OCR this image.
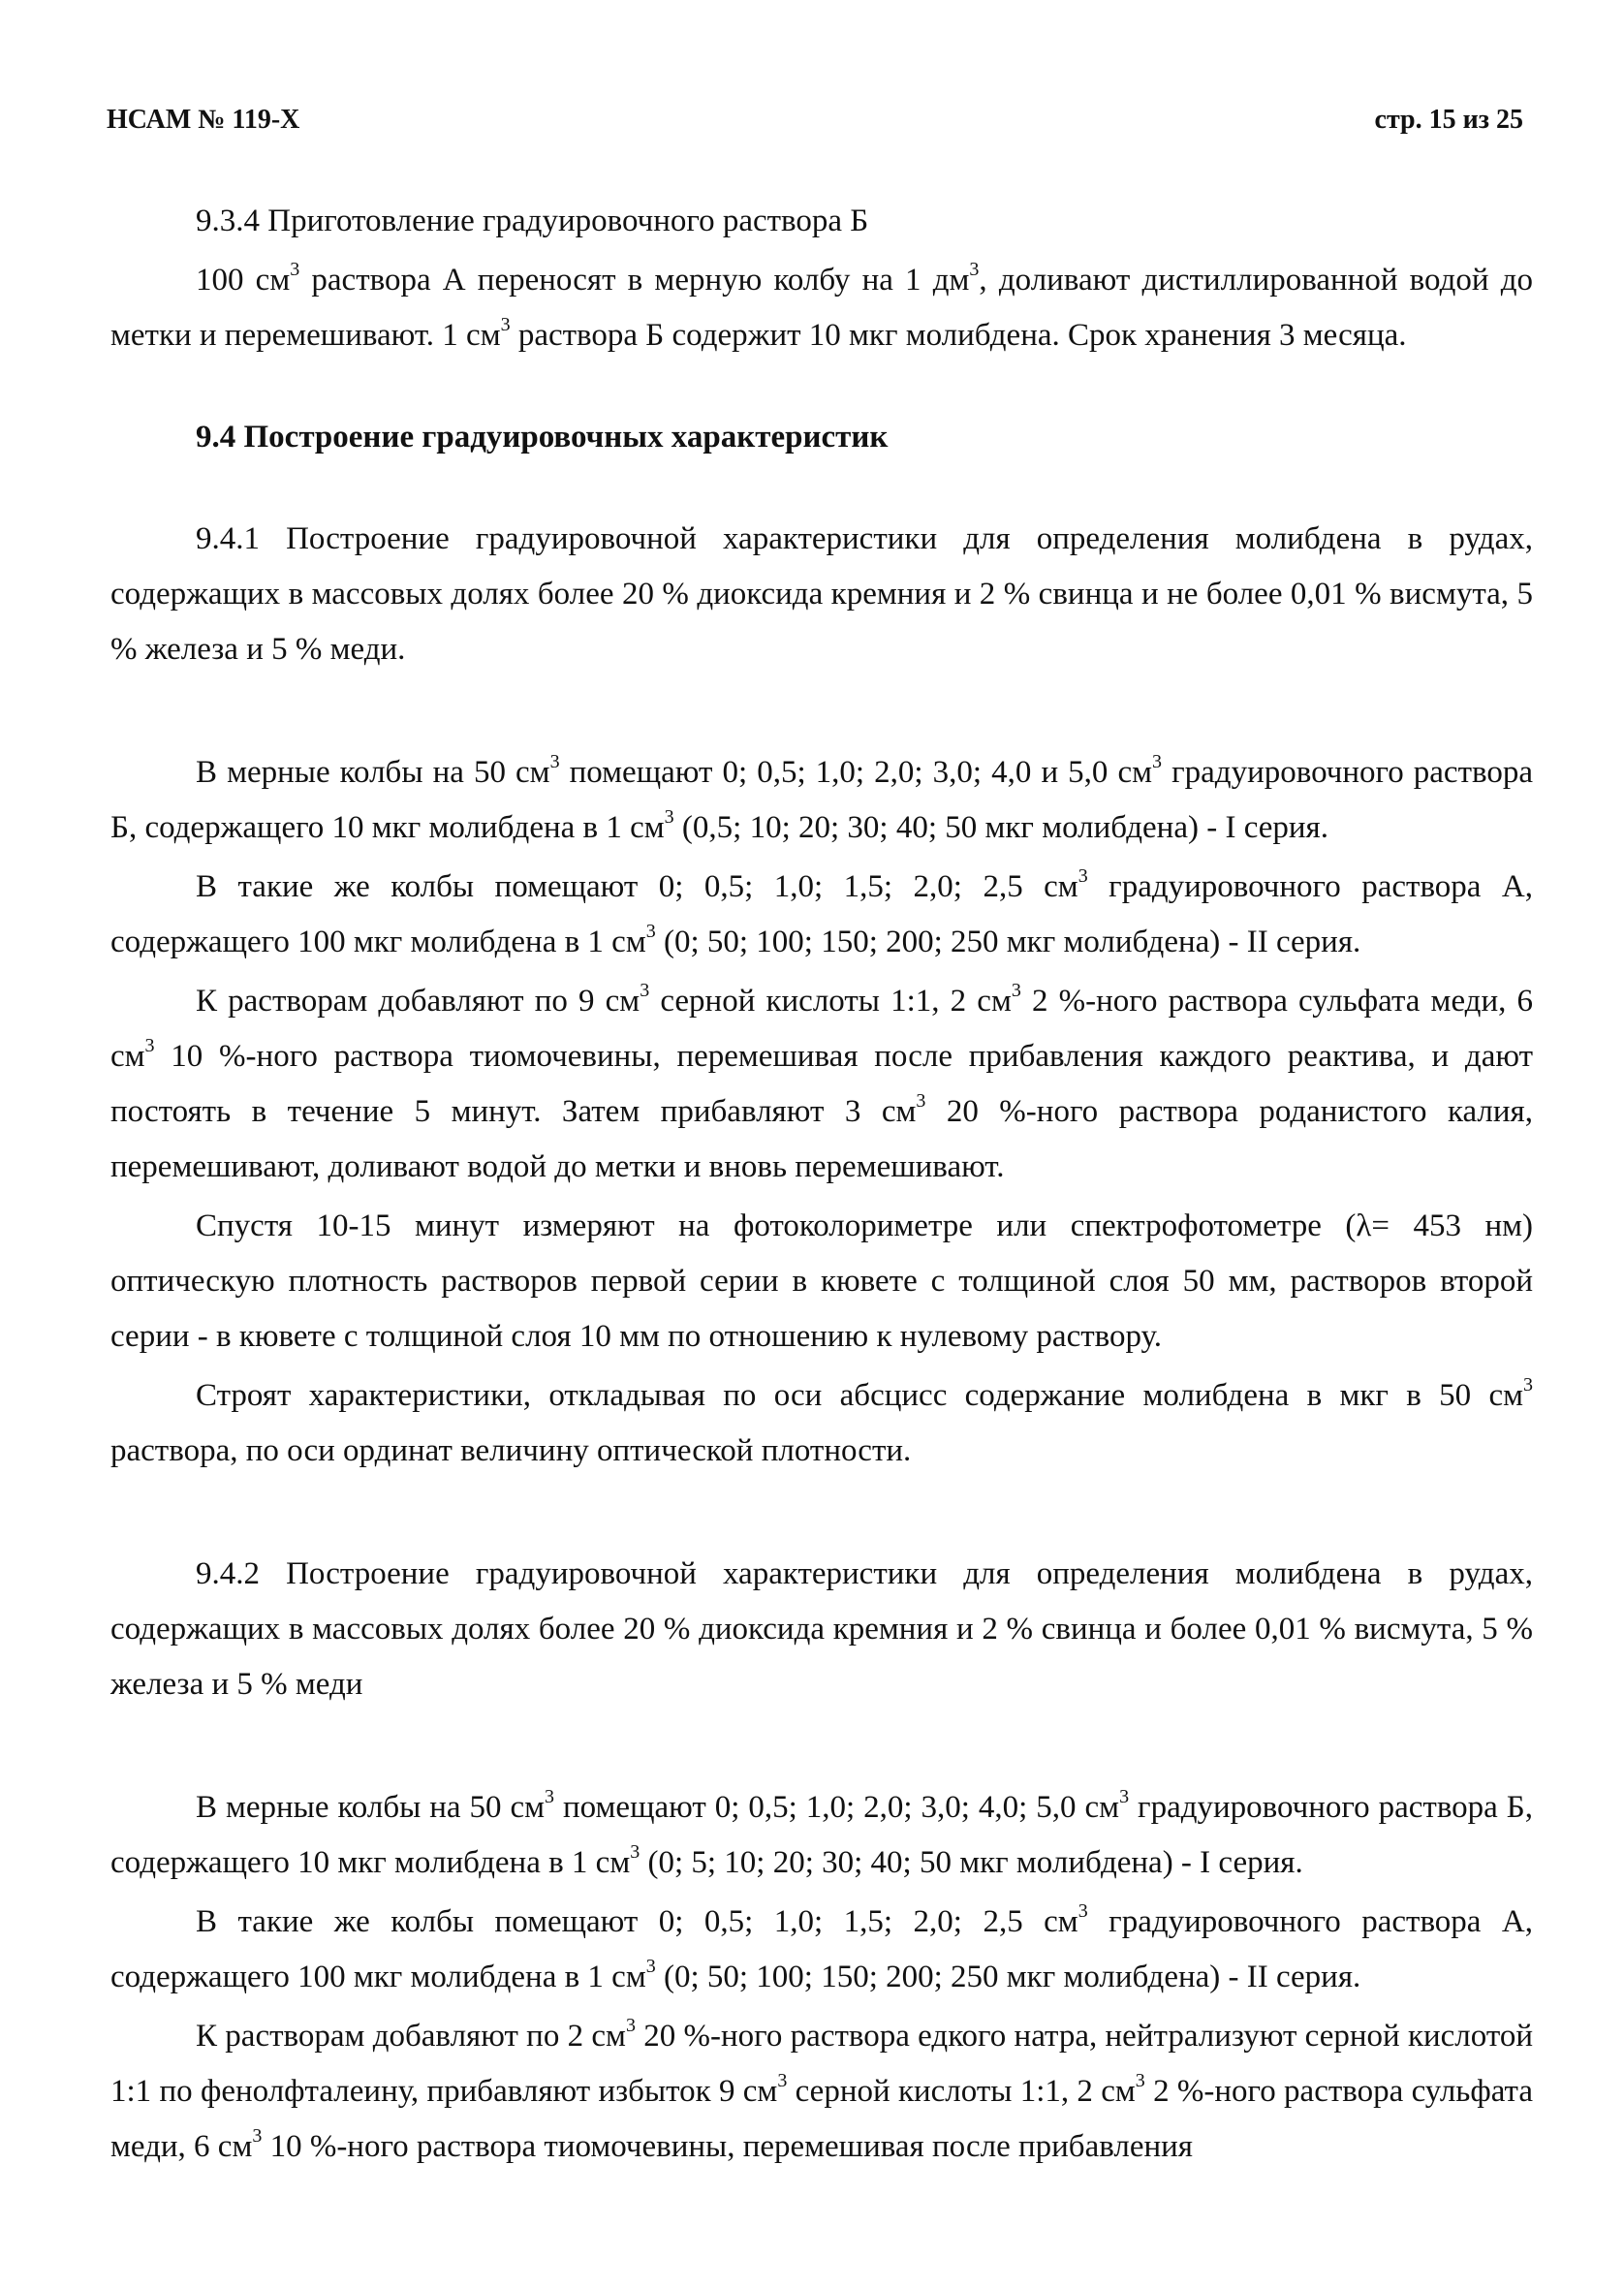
НСАМ № 119-Х	стр. 15 из 25

9.3.4 Приготовление градуировочного раствора Б

100 $см^3$ раствора А переносят в мерную колбу на 1 $дм^3$, доливают дистиллированной водой до метки и перемешивают. 1 $см^3$ раствора Б содержит 10 мкг молибдена. Срок хранения 3 месяца.

9.4 Построение градуировочных характеристик

9.4.1 Построение градуировочной характеристики для определения молибдена в рудах, содержащих в массовых долях более 20 % диоксида кремния и 2 % свинца и не более 0,01 % висмута, 5 % железа и 5 % меди.

В мерные колбы на 50 $см^3$ помещают 0; 0,5; 1,0; 2,0; 3,0; 4,0 и 5,0 $см^3$ градуировочного раствора Б, содержащего 10 мкг молибдена в 1 $см^3$ (0,5; 10; 20; 30; 40; 50 мкг молибдена) - I серия.

В такие же колбы помещают 0; 0,5; 1,0; 1,5; 2,0; 2,5 $см^3$ градуировочного раствора А, содержащего 100 мкг молибдена в 1 $см^3$ (0; 50; 100; 150; 200; 250 мкг молибдена) - II серия.

К растворам добавляют по 9 $см^3$ серной кислоты 1:1, 2 $см^3$ 2 %-ного раствора сульфата меди, 6 $см^3$ 10 %-ного раствора тиомочевины, перемешивая после прибавления каждого реактива, и дают постоять в течение 5 минут. Затем прибавляют 3 $см^3$ 20 %-ного раствора роданистого калия, перемешивают, доливают водой до метки и вновь перемешивают.

Спустя 10-15 минут измеряют на фотоколориметре или спектрофотометре (λ= 453 нм) оптическую плотность растворов первой серии в кювете с толщиной слоя 50 мм, растворов второй серии - в кювете с толщиной слоя 10 мм по отношению к нулевому раствору.

Строят характеристики, откладывая по оси абсцисс содержание молибдена в мкг в 50 $см^3$ раствора, по оси ординат величину оптической плотности.

9.4.2 Построение градуировочной характеристики для определения молибдена в рудах, содержащих в массовых долях более 20 % диоксида кремния и 2 % свинца и более 0,01 % висмута, 5 % железа и 5 % меди

В мерные колбы на 50 $см^3$ помещают 0; 0,5; 1,0; 2,0; 3,0; 4,0; 5,0 $см^3$ градуировочного раствора Б, содержащего 10 мкг молибдена в 1 $см^3$ (0; 5; 10; 20; 30; 40; 50 мкг молибдена) - I серия.

В такие же колбы помещают 0; 0,5; 1,0; 1,5; 2,0; 2,5 $см^3$ градуировочного раствора А, содержащего 100 мкг молибдена в 1 $см^3$ (0; 50; 100; 150; 200; 250 мкг молибдена) - II серия.

К растворам добавляют по 2 $см^3$ 20 %-ного раствора едкого натра, нейтрализуют серной кислотой 1:1 по фенолфталеину, прибавляют избыток 9 $см^3$ серной кислоты 1:1, 2 $см^3$ 2 %-ного раствора сульфата меди, 6 $см^3$ 10 %-ного раствора тиомочевины, перемешивая после прибавления
